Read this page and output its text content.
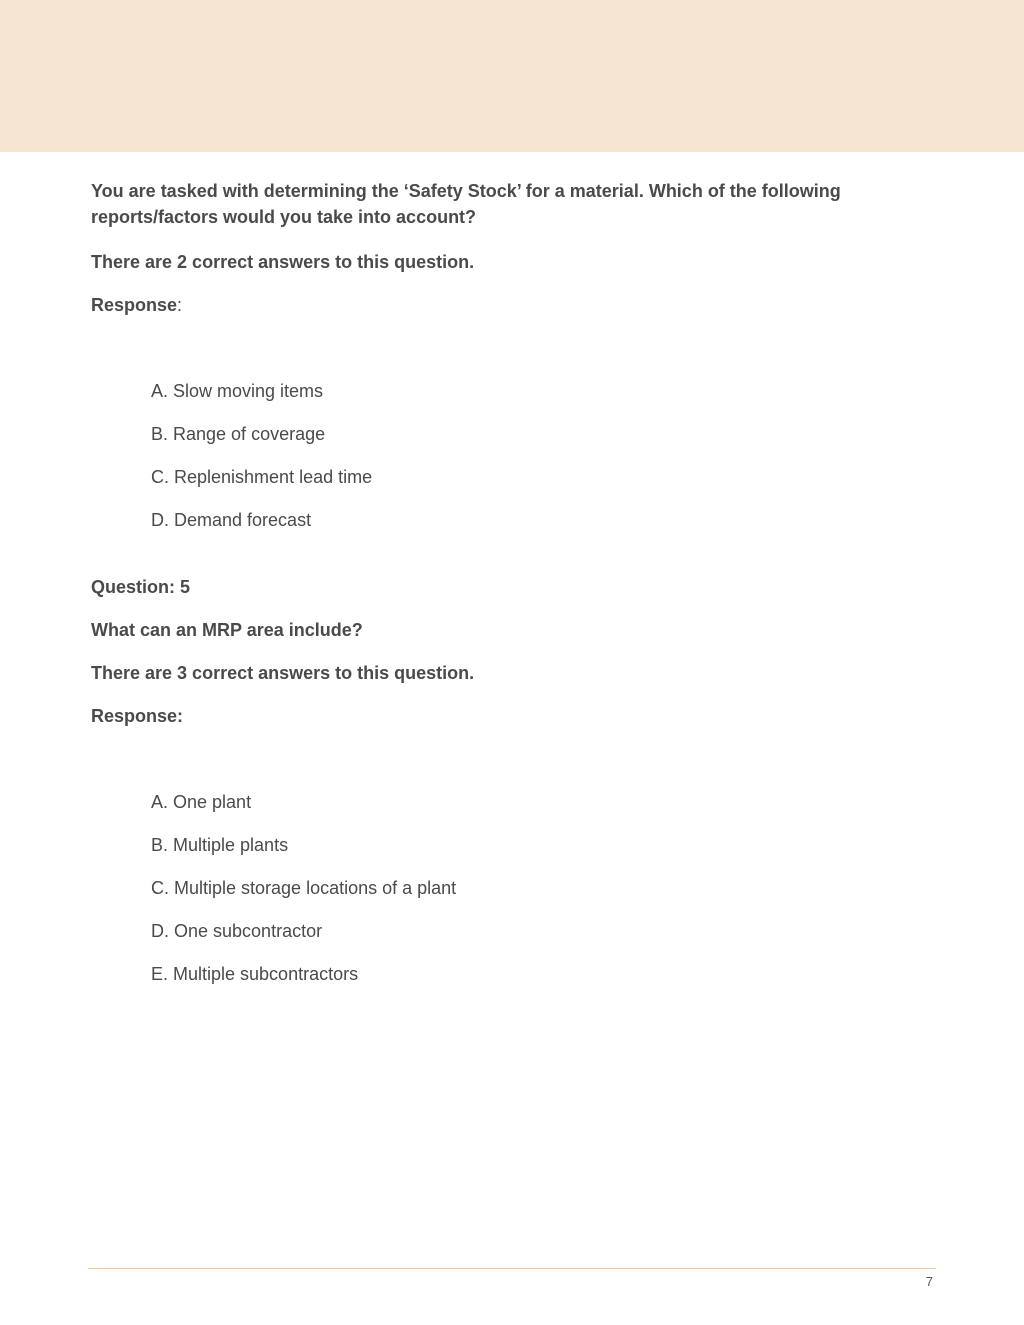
You are tasked with determining the ‘Safety Stock’ for a material. Which of the following reports/factors would you take into account?

There are 2 correct answers to this question.

Response:

A. Slow moving items
B. Range of coverage
C. Replenishment lead time
D. Demand forecast

Question: 5

What can an MRP area include?

There are 3 correct answers to this question.

Response:

A. One plant
B. Multiple plants
C. Multiple storage locations of a plant
D. One subcontractor
E. Multiple subcontractors
7
